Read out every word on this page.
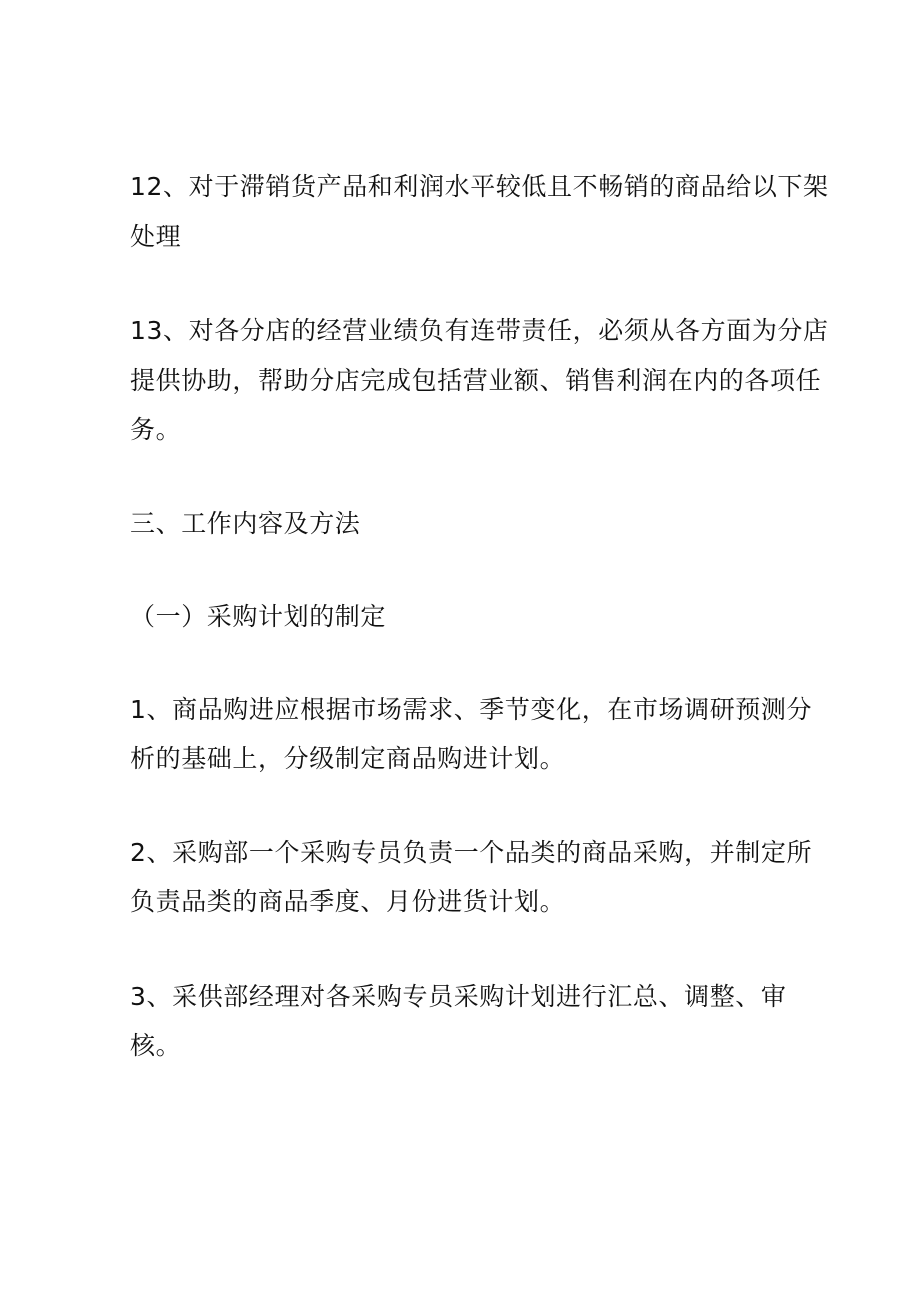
12、对于滞销货产品和利润水平较低且不畅销的商品给以下架

处理

13、对各分店的经营业绩负有连带责任，必须从各方面为分店

提供协助，帮助分店完成包括营业额、销售利润在内的各项任

务。

三、工作内容及方法

（一）采购计划的制定

1、商品购进应根据市场需求、季节变化，在市场调研预测分

析的基础上，分级制定商品购进计划。

2、采购部一个采购专员负责一个品类的商品采购，并制定所

负责品类的商品季度、月份进货计划。

3、采供部经理对各采购专员采购计划进行汇总、调整、审

核。
